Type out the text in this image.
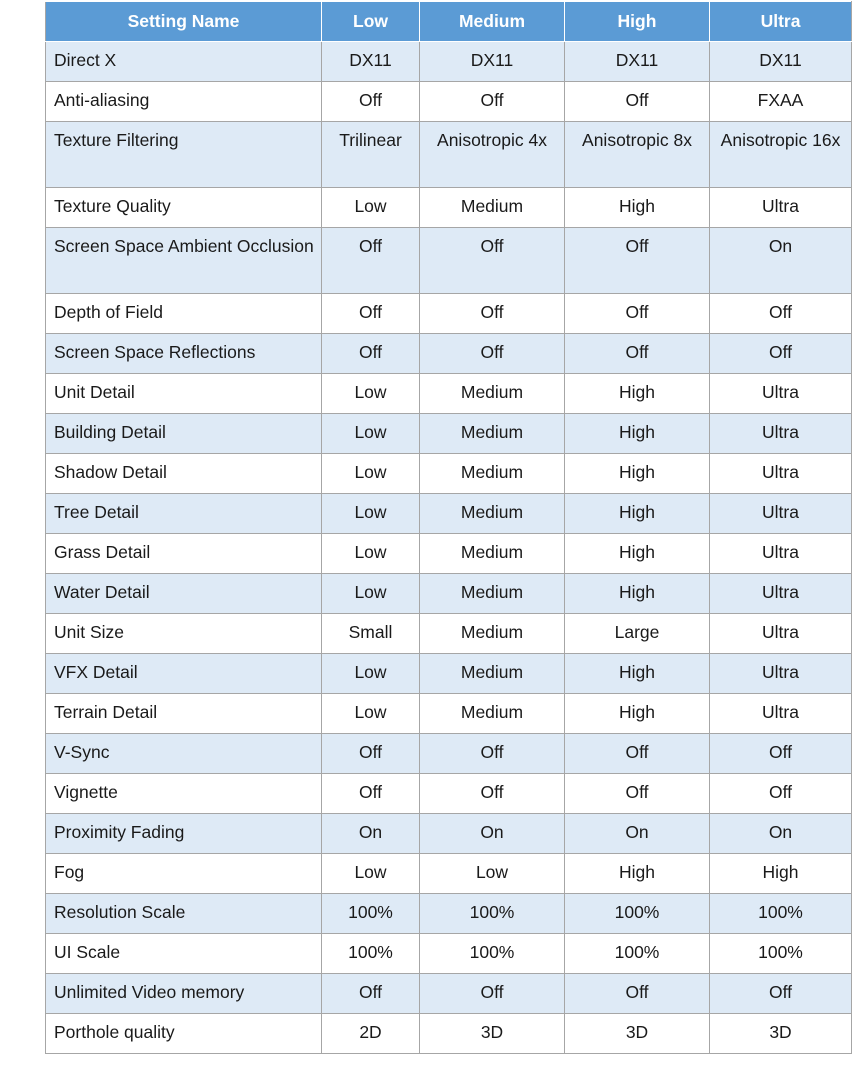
Setting Name	Low	Medium	High	Ultra
Direct X	DX11	DX11	DX11	DX11
Anti-aliasing	Off	Off	Off	FXAA
Texture Filtering	Trilinear	Anisotropic 4x	Anisotropic 8x	Anisotropic 16x
Texture Quality	Low	Medium	High	Ultra
Screen Space Ambient Occlusion	Off	Off	Off	On
Depth of Field	Off	Off	Off	Off
Screen Space Reflections	Off	Off	Off	Off
Unit Detail	Low	Medium	High	Ultra
Building Detail	Low	Medium	High	Ultra
Shadow Detail	Low	Medium	High	Ultra
Tree Detail	Low	Medium	High	Ultra
Grass Detail	Low	Medium	High	Ultra
Water Detail	Low	Medium	High	Ultra
Unit Size	Small	Medium	Large	Ultra
VFX Detail	Low	Medium	High	Ultra
Terrain Detail	Low	Medium	High	Ultra
V-Sync	Off	Off	Off	Off
Vignette	Off	Off	Off	Off
Proximity Fading	On	On	On	On
Fog	Low	Low	High	High
Resolution Scale	100%	100%	100%	100%
UI Scale	100%	100%	100%	100%
Unlimited Video memory	Off	Off	Off	Off
Porthole quality	2D	3D	3D	3D
